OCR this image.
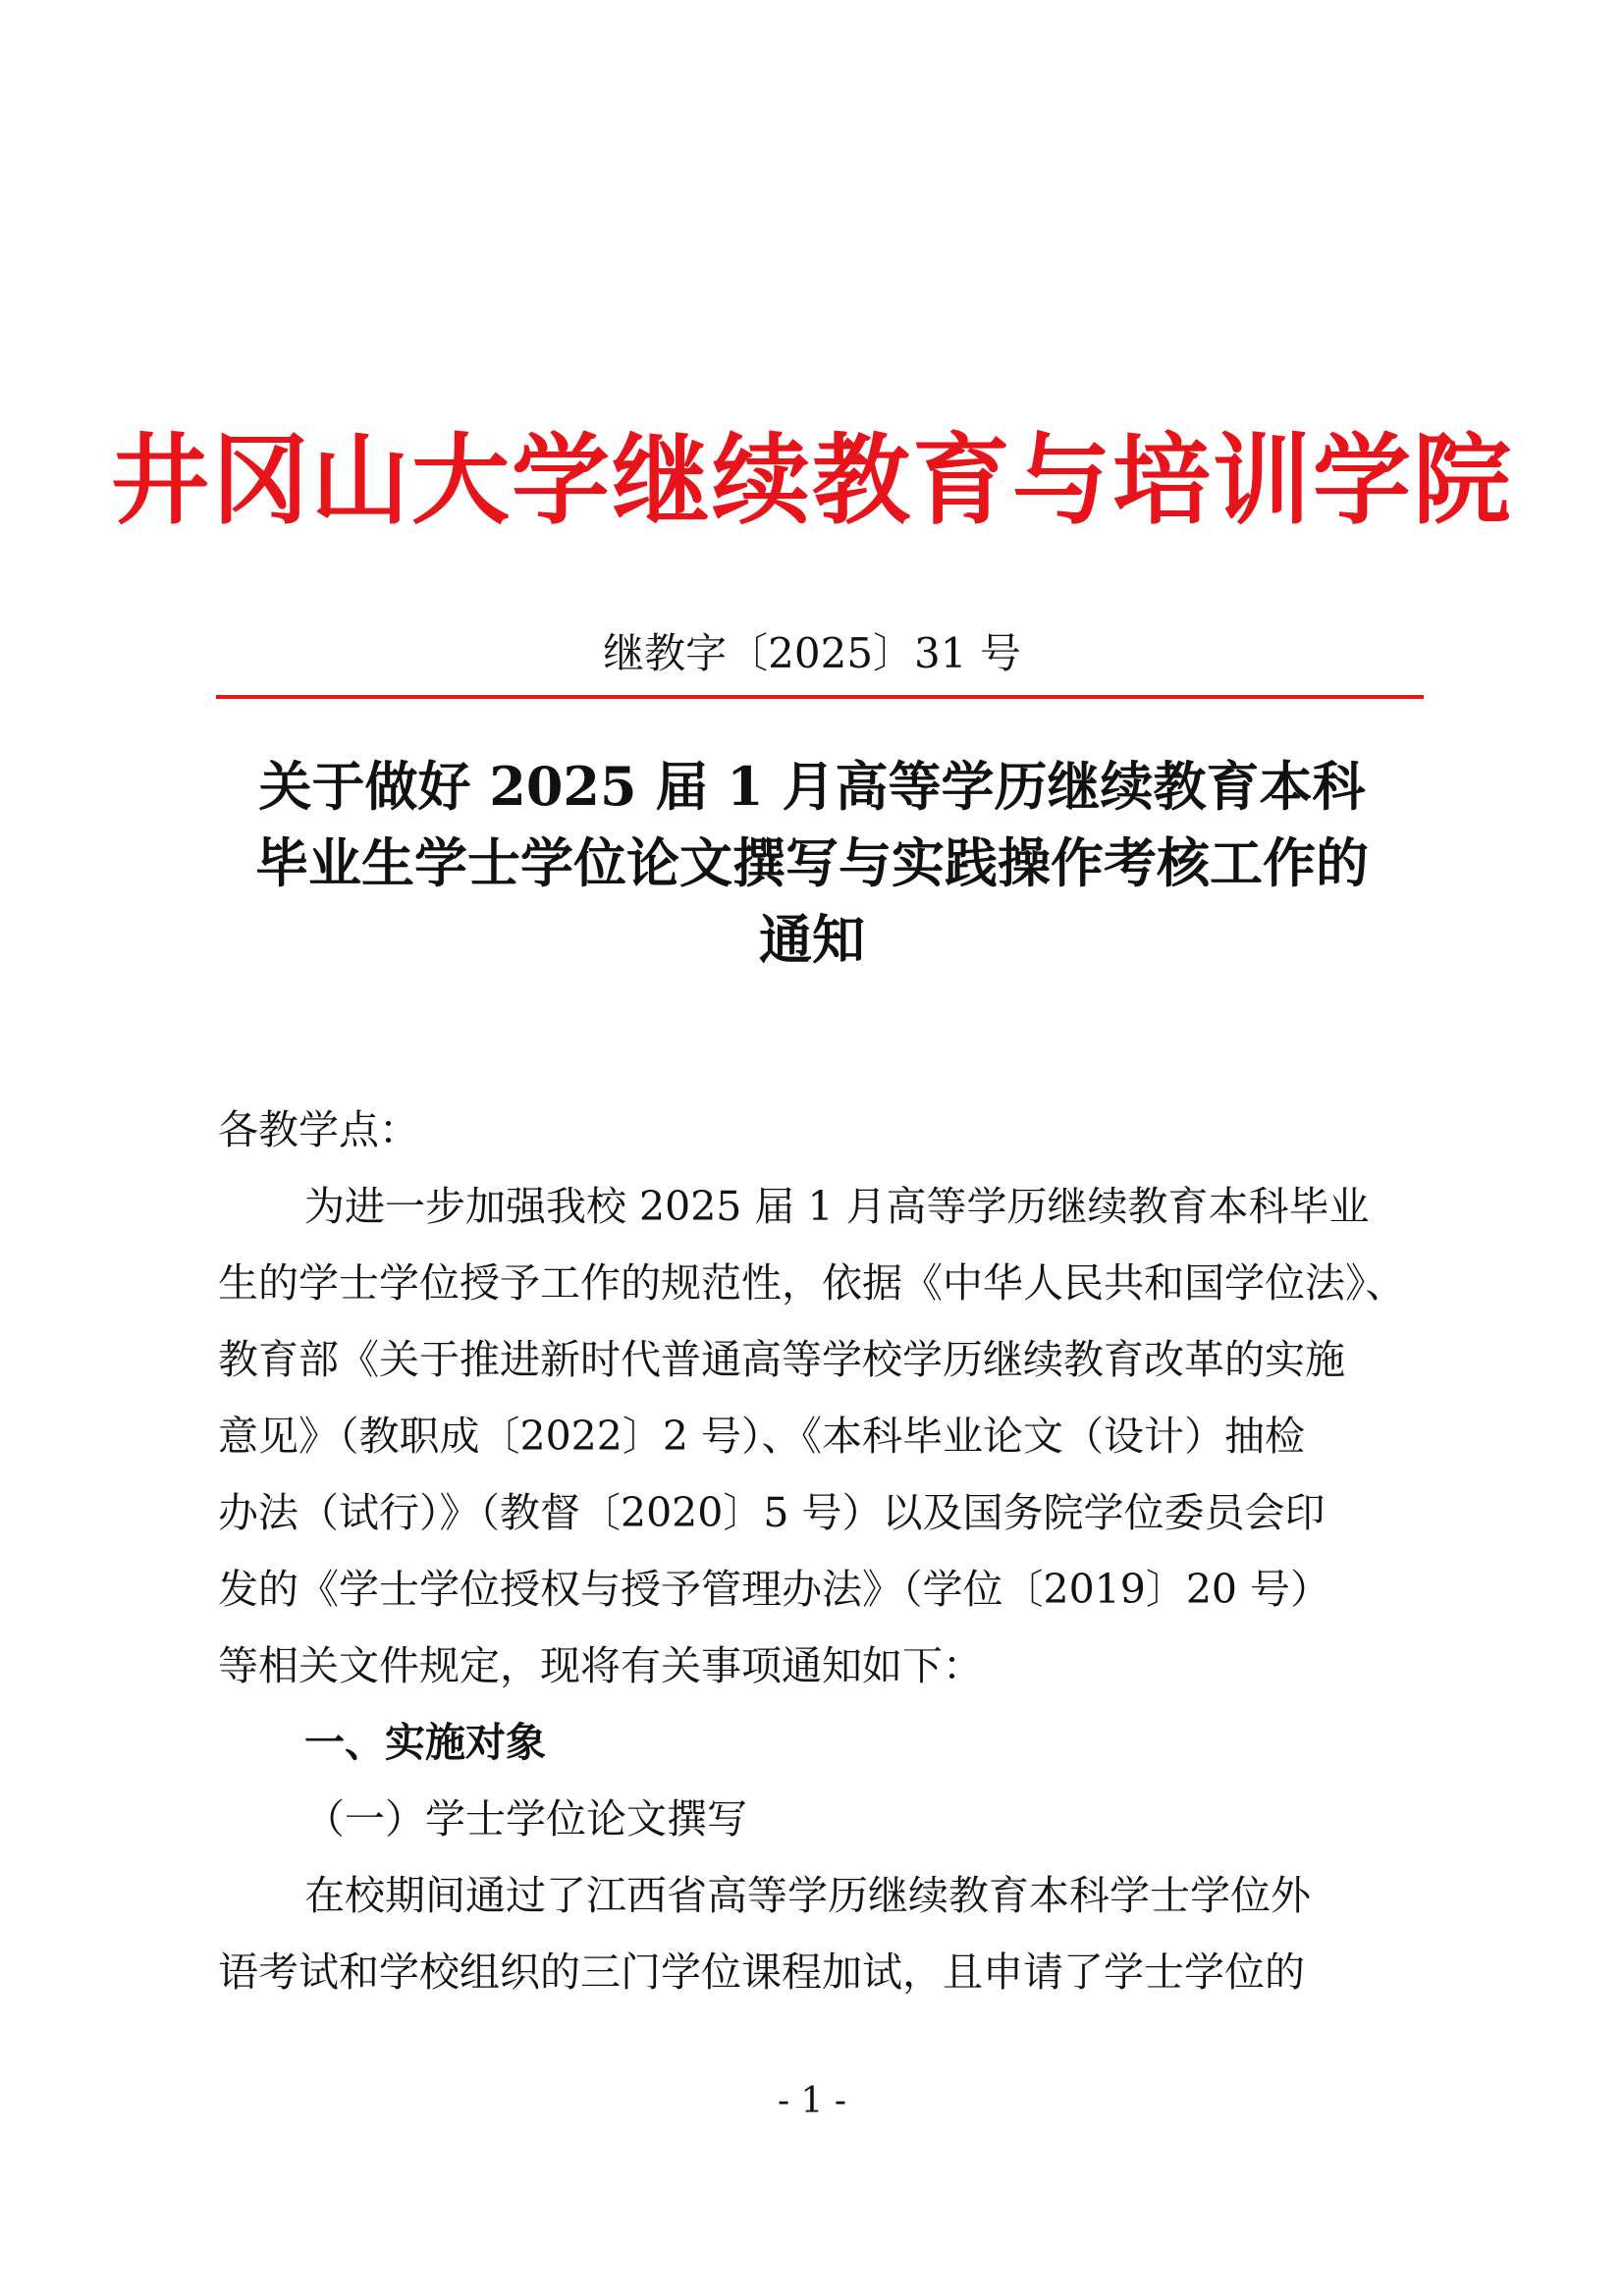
井冈山大学继续教育与培训学院
继教字〔2025〕31 号
关于做好 2025 届 1 月高等学历继续教育本科
毕业生学士学位论文撰写与实践操作考核工作的
通知
各教学点：
为进一步加强我校 2025 届 1 月高等学历继续教育本科毕业
生的学士学位授予工作的规范性，依据《中华人民共和国学位法》、
教育部《关于推进新时代普通高等学校学历继续教育改革的实施
意见》（教职成〔2022〕2 号）、《本科毕业论文（设计）抽检
办法（试行）》（教督〔2020〕5 号）以及国务院学位委员会印
发的《学士学位授权与授予管理办法》（学位〔2019〕20 号）
等相关文件规定，现将有关事项通知如下：
一、实施对象
（一）学士学位论文撰写
在校期间通过了江西省高等学历继续教育本科学士学位外
语考试和学校组织的三门学位课程加试，且申请了学士学位的
- 1 -
